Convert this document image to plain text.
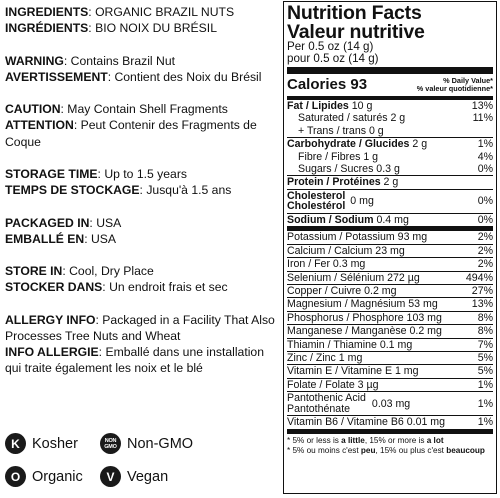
INGREDIENTS: ORGANIC BRAZIL NUTS
INGRÉDIENTS: BIO NOIX DU BRÉSIL
WARNING: Contains Brazil Nut
AVERTISSEMENT: Contient des Noix du Brésil
CAUTION: May Contain Shell Fragments
ATTENTION: Peut Contenir des Fragments de Coque
STORAGE TIME: Up to 1.5 years
TEMPS DE STOCKAGE: Jusqu'à 1.5 ans
PACKAGED IN: USA
EMBALLÉ EN: USA
STORE IN: Cool, Dry Place
STOCKER DANS: Un endroit frais et sec
ALLERGY INFO: Packaged in a Facility That Also Processes Tree Nuts and Wheat
INFO ALLERGIE: Emballé dans une installation qui traite également les noix et le blé
K Kosher	NON GMO Non-GMO
O Organic	V Vegan
Nutrition Facts
Valeur nutritive
Per 0.5 oz (14 g)
pour 0.5 oz (14 g)
Calories 93	% Daily Value*
% valeur quotidienne*
Fat / Lipides 10 g	13%
Saturated / saturés 2 g	11%
+ Trans / trans 0 g
Carbohydrate / Glucides 2 g	1%
Fibre / Fibres 1 g	4%
Sugars / Sucres 0.3 g	0%
Protein / Protéines 2 g
Cholesterol
Cholestérol 0 mg	0%
Sodium / Sodium 0.4 mg	0%
Potassium / Potassium 93 mg	2%
Calcium / Calcium 23 mg	2%
Iron / Fer 0.3 mg	2%
Selenium / Sélénium 272 µg	494%
Copper / Cuivre 0.2 mg	27%
Magnesium / Magnésium 53 mg	13%
Phosphorus / Phosphore 103 mg	8%
Manganese / Manganèse 0.2 mg	8%
Thiamin / Thiamine 0.1 mg	7%
Zinc / Zinc 1 mg	5%
Vitamin E / Vitamine E 1 mg	5%
Folate / Folate 3 µg	1%
Pantothenic Acid
Pantothénate	0.03 mg	1%
Vitamin B6 / Vitamine B6 0.01 mg	1%
* 5% or less is a little, 15% or more is a lot
* 5% ou moins c'est peu, 15% ou plus c'est beaucoup
